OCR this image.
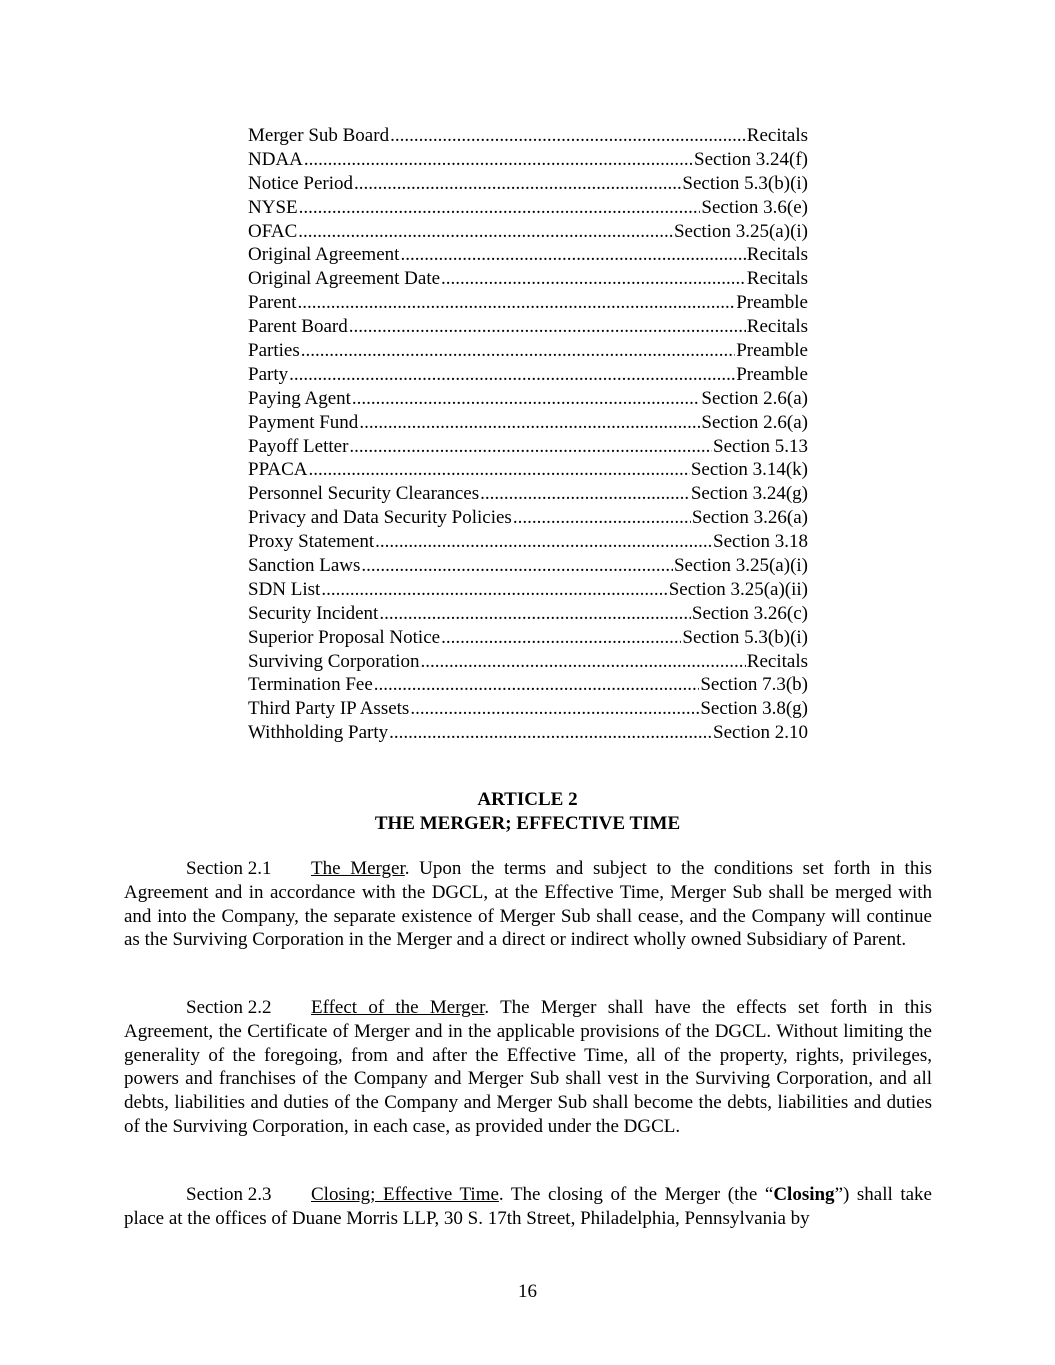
Merger Sub Board .....	Recitals
NDAA .....	Section 3.24(f)
Notice Period .....	Section 5.3(b)(i)
NYSE .....	Section 3.6(e)
OFAC .....	Section 3.25(a)(i)
Original Agreement .....	Recitals
Original Agreement Date .....	Recitals
Parent .....	Preamble
Parent Board .....	Recitals
Parties .....	Preamble
Party .....	Preamble
Paying Agent .....	Section 2.6(a)
Payment Fund .....	Section 2.6(a)
Payoff Letter .....	Section 5.13
PPACA .....	Section 3.14(k)
Personnel Security Clearances .....	Section 3.24(g)
Privacy and Data Security Policies .....	Section 3.26(a)
Proxy Statement .....	Section 3.18
Sanction Laws .....	Section 3.25(a)(i)
SDN List .....	Section 3.25(a)(ii)
Security Incident .....	Section 3.26(c)
Superior Proposal Notice .....	Section 5.3(b)(i)
Surviving Corporation .....	Recitals
Termination Fee .....	Section 7.3(b)
Third Party IP Assets .....	Section 3.8(g)
Withholding Party .....	Section 2.10
ARTICLE 2
THE MERGER; EFFECTIVE TIME
Section 2.1 The Merger. Upon the terms and subject to the conditions set forth in this Agreement and in accordance with the DGCL, at the Effective Time, Merger Sub shall be merged with and into the Company, the separate existence of Merger Sub shall cease, and the Company will continue as the Surviving Corporation in the Merger and a direct or indirect wholly owned Subsidiary of Parent.
Section 2.2 Effect of the Merger. The Merger shall have the effects set forth in this Agreement, the Certificate of Merger and in the applicable provisions of the DGCL. Without limiting the generality of the foregoing, from and after the Effective Time, all of the property, rights, privileges, powers and franchises of the Company and Merger Sub shall vest in the Surviving Corporation, and all debts, liabilities and duties of the Company and Merger Sub shall become the debts, liabilities and duties of the Surviving Corporation, in each case, as provided under the DGCL.
Section 2.3 Closing; Effective Time. The closing of the Merger (the “Closing”) shall take place at the offices of Duane Morris LLP, 30 S. 17th Street, Philadelphia, Pennsylvania by
16
